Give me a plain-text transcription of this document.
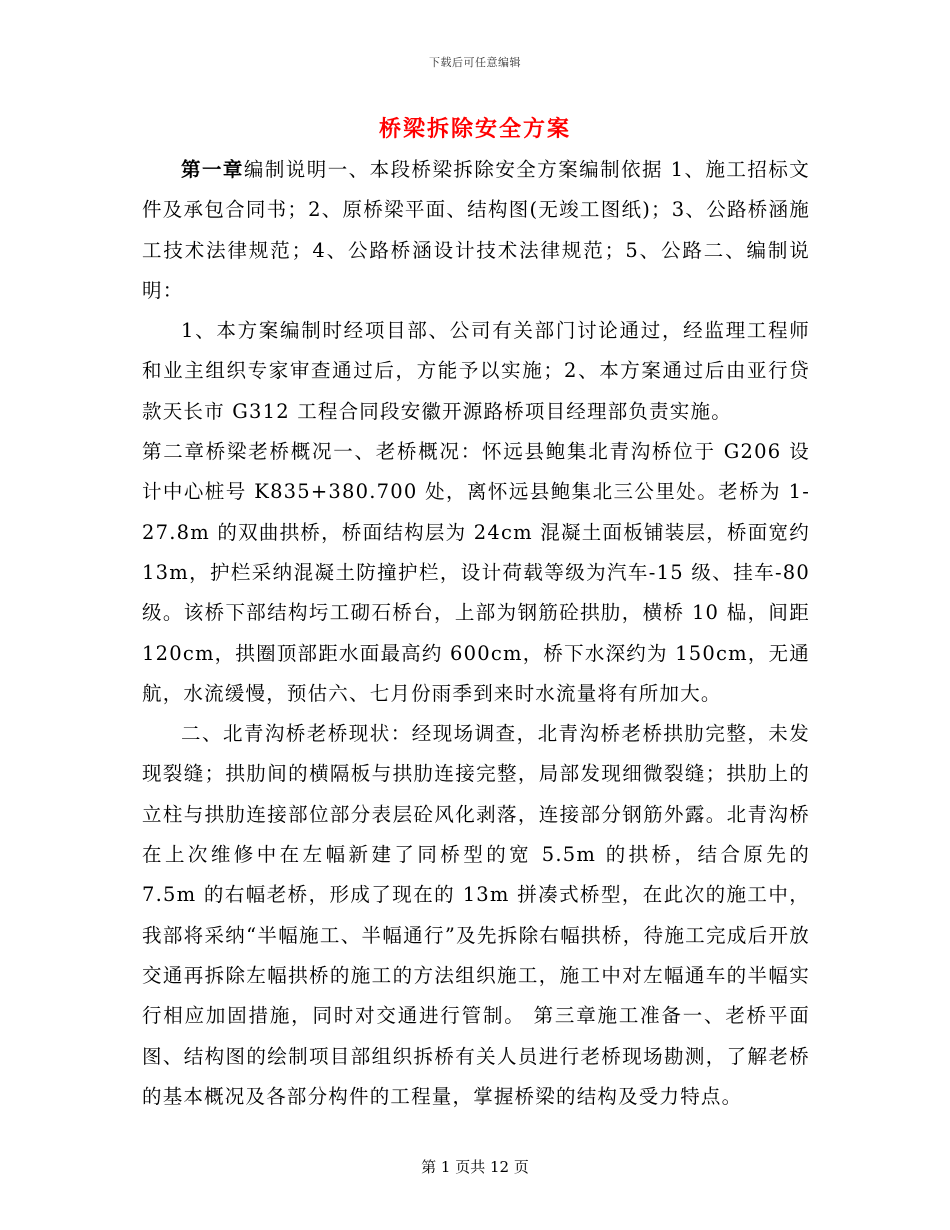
下载后可任意编辑
桥梁拆除安全方案

第一章编制说明一、本段桥梁拆除安全方案编制依据 1、施工招标文件及承包合同书；2、原桥梁平面、结构图(无竣工图纸)；3、公路桥涵施工技术法律规范；4、公路桥涵设计技术法律规范；5、公路二、编制说明：

1、本方案编制时经项目部、公司有关部门讨论通过，经监理工程师和业主组织专家审查通过后，方能予以实施；2、本方案通过后由亚行贷款天长市 G312 工程合同段安徽开源路桥项目经理部负责实施。

第二章桥梁老桥概况一、老桥概况：怀远县鲍集北青沟桥位于 G206 设计中心桩号 K835+380.700 处，离怀远县鲍集北三公里处。老桥为 1-27.8m 的双曲拱桥，桥面结构层为 24cm 混凝土面板铺装层，桥面宽约 13m，护栏采纳混凝土防撞护栏，设计荷载等级为汽车-15 级、挂车-80 级。该桥下部结构圬工砌石桥台，上部为钢筋砼拱肋，横桥 10 榀，间距 120cm，拱圈顶部距水面最高约 600cm，桥下水深约为 150cm，无通航，水流缓慢，预估六、七月份雨季到来时水流量将有所加大。

二、北青沟桥老桥现状：经现场调查，北青沟桥老桥拱肋完整，未发现裂缝；拱肋间的横隔板与拱肋连接完整，局部发现细微裂缝；拱肋上的立柱与拱肋连接部位部分表层砼风化剥落，连接部分钢筋外露。北青沟桥在上次维修中在左幅新建了同桥型的宽 5.5m 的拱桥，结合原先的 7.5m 的右幅老桥，形成了现在的 13m 拼凑式桥型，在此次的施工中，我部将采纳“半幅施工、半幅通行”及先拆除右幅拱桥，待施工完成后开放交通再拆除左幅拱桥的施工的方法组织施工，施工中对左幅通车的半幅实行相应加固措施，同时对交通进行管制。 第三章施工准备一、老桥平面图、结构图的绘制项目部组织拆桥有关人员进行老桥现场勘测，了解老桥的基本概况及各部分构件的工程量，掌握桥梁的结构及受力特点。

第 1 页共 12 页
